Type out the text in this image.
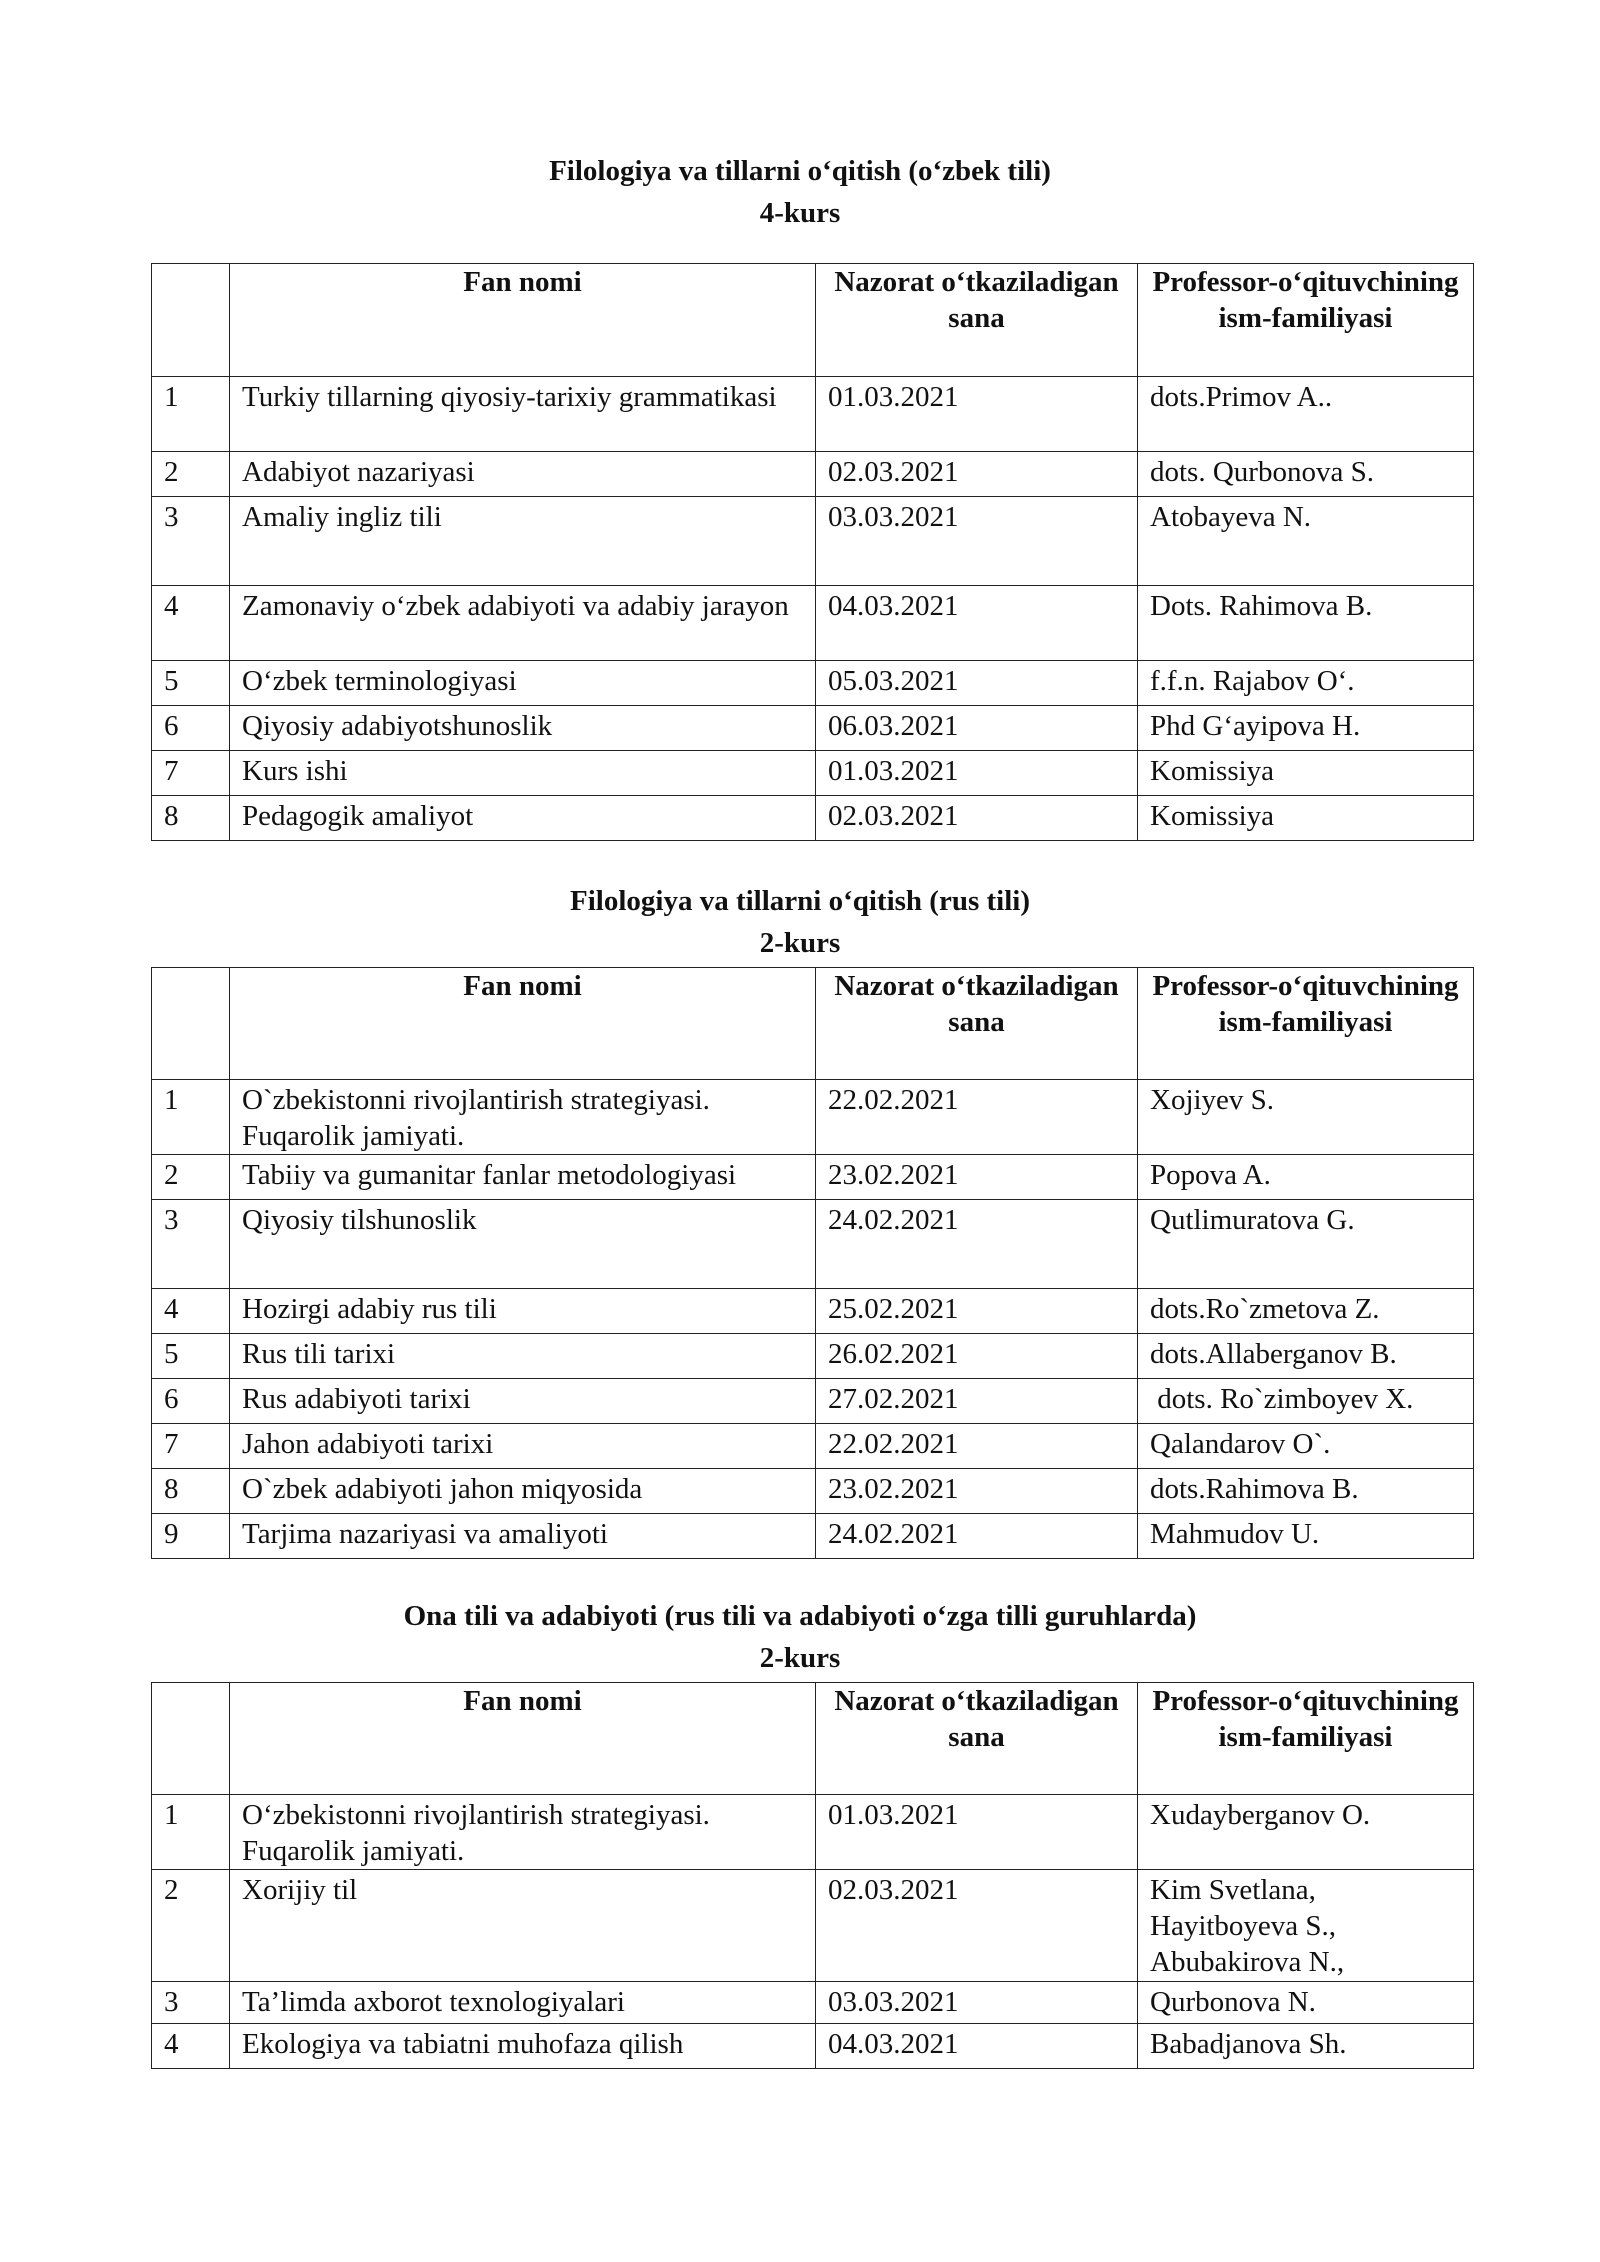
Filologiya va tillarni o‘qitish (o‘zbek tili)

4-kurs

	Fan nomi	Nazorat o‘tkaziladigan sana	Professor-o‘qituvchining ism-familiyasi
1	Turkiy tillarning qiyosiy-tarixiy grammatikasi	01.03.2021	dots.Primov A..
2	Adabiyot nazariyasi	02.03.2021	dots. Qurbonova S.
3	Amaliy ingliz tili	03.03.2021	Atobayeva N.
4	Zamonaviy o‘zbek adabiyoti va adabiy jarayon	04.03.2021	Dots. Rahimova B.
5	O‘zbek terminologiyasi	05.03.2021	f.f.n. Rajabov O‘.
6	Qiyosiy adabiyotshunoslik	06.03.2021	Phd G‘ayipova H.
7	Kurs ishi	01.03.2021	Komissiya
8	Pedagogik amaliyot	02.03.2021	Komissiya

Filologiya va tillarni o‘qitish (rus tili)

2-kurs

	Fan nomi	Nazorat o‘tkaziladigan sana	Professor-o‘qituvchining ism-familiyasi
1	O`zbekistonni rivojlantirish strategiyasi. Fuqarolik jamiyati.	22.02.2021	Xojiyev S.
2	Tabiiy va gumanitar fanlar metodologiyasi	23.02.2021	Popova A.
3	Qiyosiy tilshunoslik	24.02.2021	Qutlimuratova G.
4	Hozirgi adabiy rus tili	25.02.2021	dots.Ro`zmetova Z.
5	Rus tili tarixi	26.02.2021	dots.Allaberganov B.
6	Rus adabiyoti tarixi	27.02.2021	dots. Ro`zimboyev X.
7	Jahon adabiyoti tarixi	22.02.2021	Qalandarov O`.
8	O`zbek adabiyoti jahon miqyosida	23.02.2021	dots.Rahimova B.
9	Tarjima nazariyasi va amaliyoti	24.02.2021	Mahmudov U.

Ona tili va adabiyoti (rus tili va adabiyoti o‘zga tilli guruhlarda)

2-kurs

	Fan nomi	Nazorat o‘tkaziladigan sana	Professor-o‘qituvchining ism-familiyasi
1	O‘zbekistonni rivojlantirish strategiyasi. Fuqarolik jamiyati.	01.03.2021	Xudayberganov O.
2	Xorijiy til	02.03.2021	Kim Svetlana, Hayitboyeva S., Abubakirova N.,
3	Ta’limda axborot texnologiyalari	03.03.2021	Qurbonova N.
4	Ekologiya va tabiatni muhofaza qilish	04.03.2021	Babadjanova Sh.
